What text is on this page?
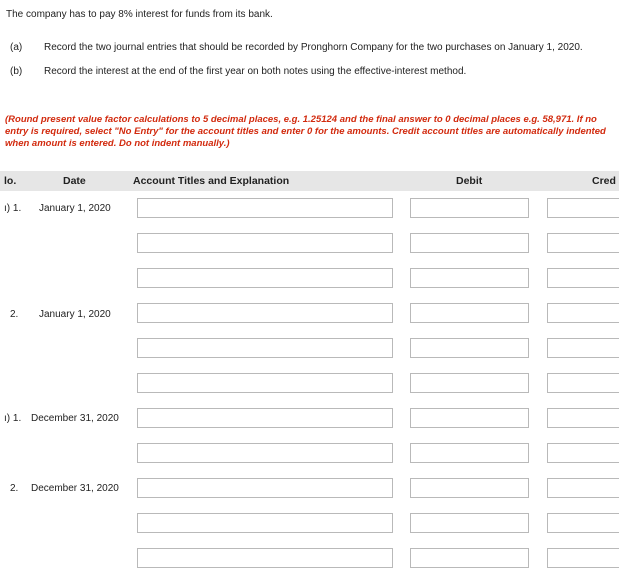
The company has to pay 8% interest for funds from its bank.
(a)	Record the two journal entries that should be recorded by Pronghorn Company for the two purchases on January 1, 2020.
(b)	Record the interest at the end of the first year on both notes using the effective-interest method.
(Round present value factor calculations to 5 decimal places, e.g. 1.25124 and the final answer to 0 decimal places e.g. 58,971. If no entry is required, select "No Entry" for the account titles and enter 0 for the amounts. Credit account titles are automatically indented when amount is entered. Do not indent manually.)
lo.	Date	Account Titles and Explanation	Debit	Cred
ı) 1. January 1, 2020
2. January 1, 2020
ı) 1. December 31, 2020
2. December 31, 2020
